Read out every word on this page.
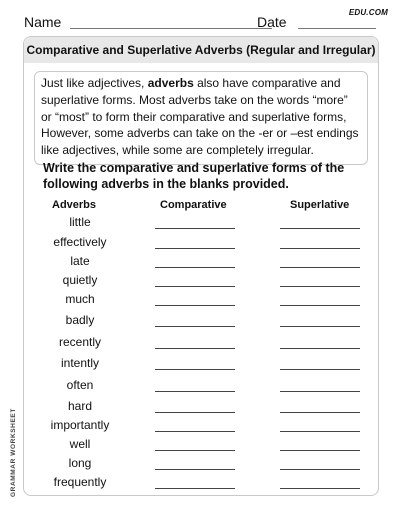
Name	Date
EDU.COM
Comparative and Superlative Adverbs (Regular and Irregular)
Just like adjectives, adverbs also have comparative and superlative forms. Most adverbs take on the words “more” or “most” to form their comparative and superlative forms, However, some adverbs can take on the -er or –est endings like adjectives, while some are completely irregular.
Write the comparative and superlative forms of the following adverbs in the blanks provided.
Adverbs	Comparative	Superlative
little
effectively
late
quietly
much
badly
recently
intently
often
hard
importantly
well
long
frequently
GRAMMAR WORKSHEET
